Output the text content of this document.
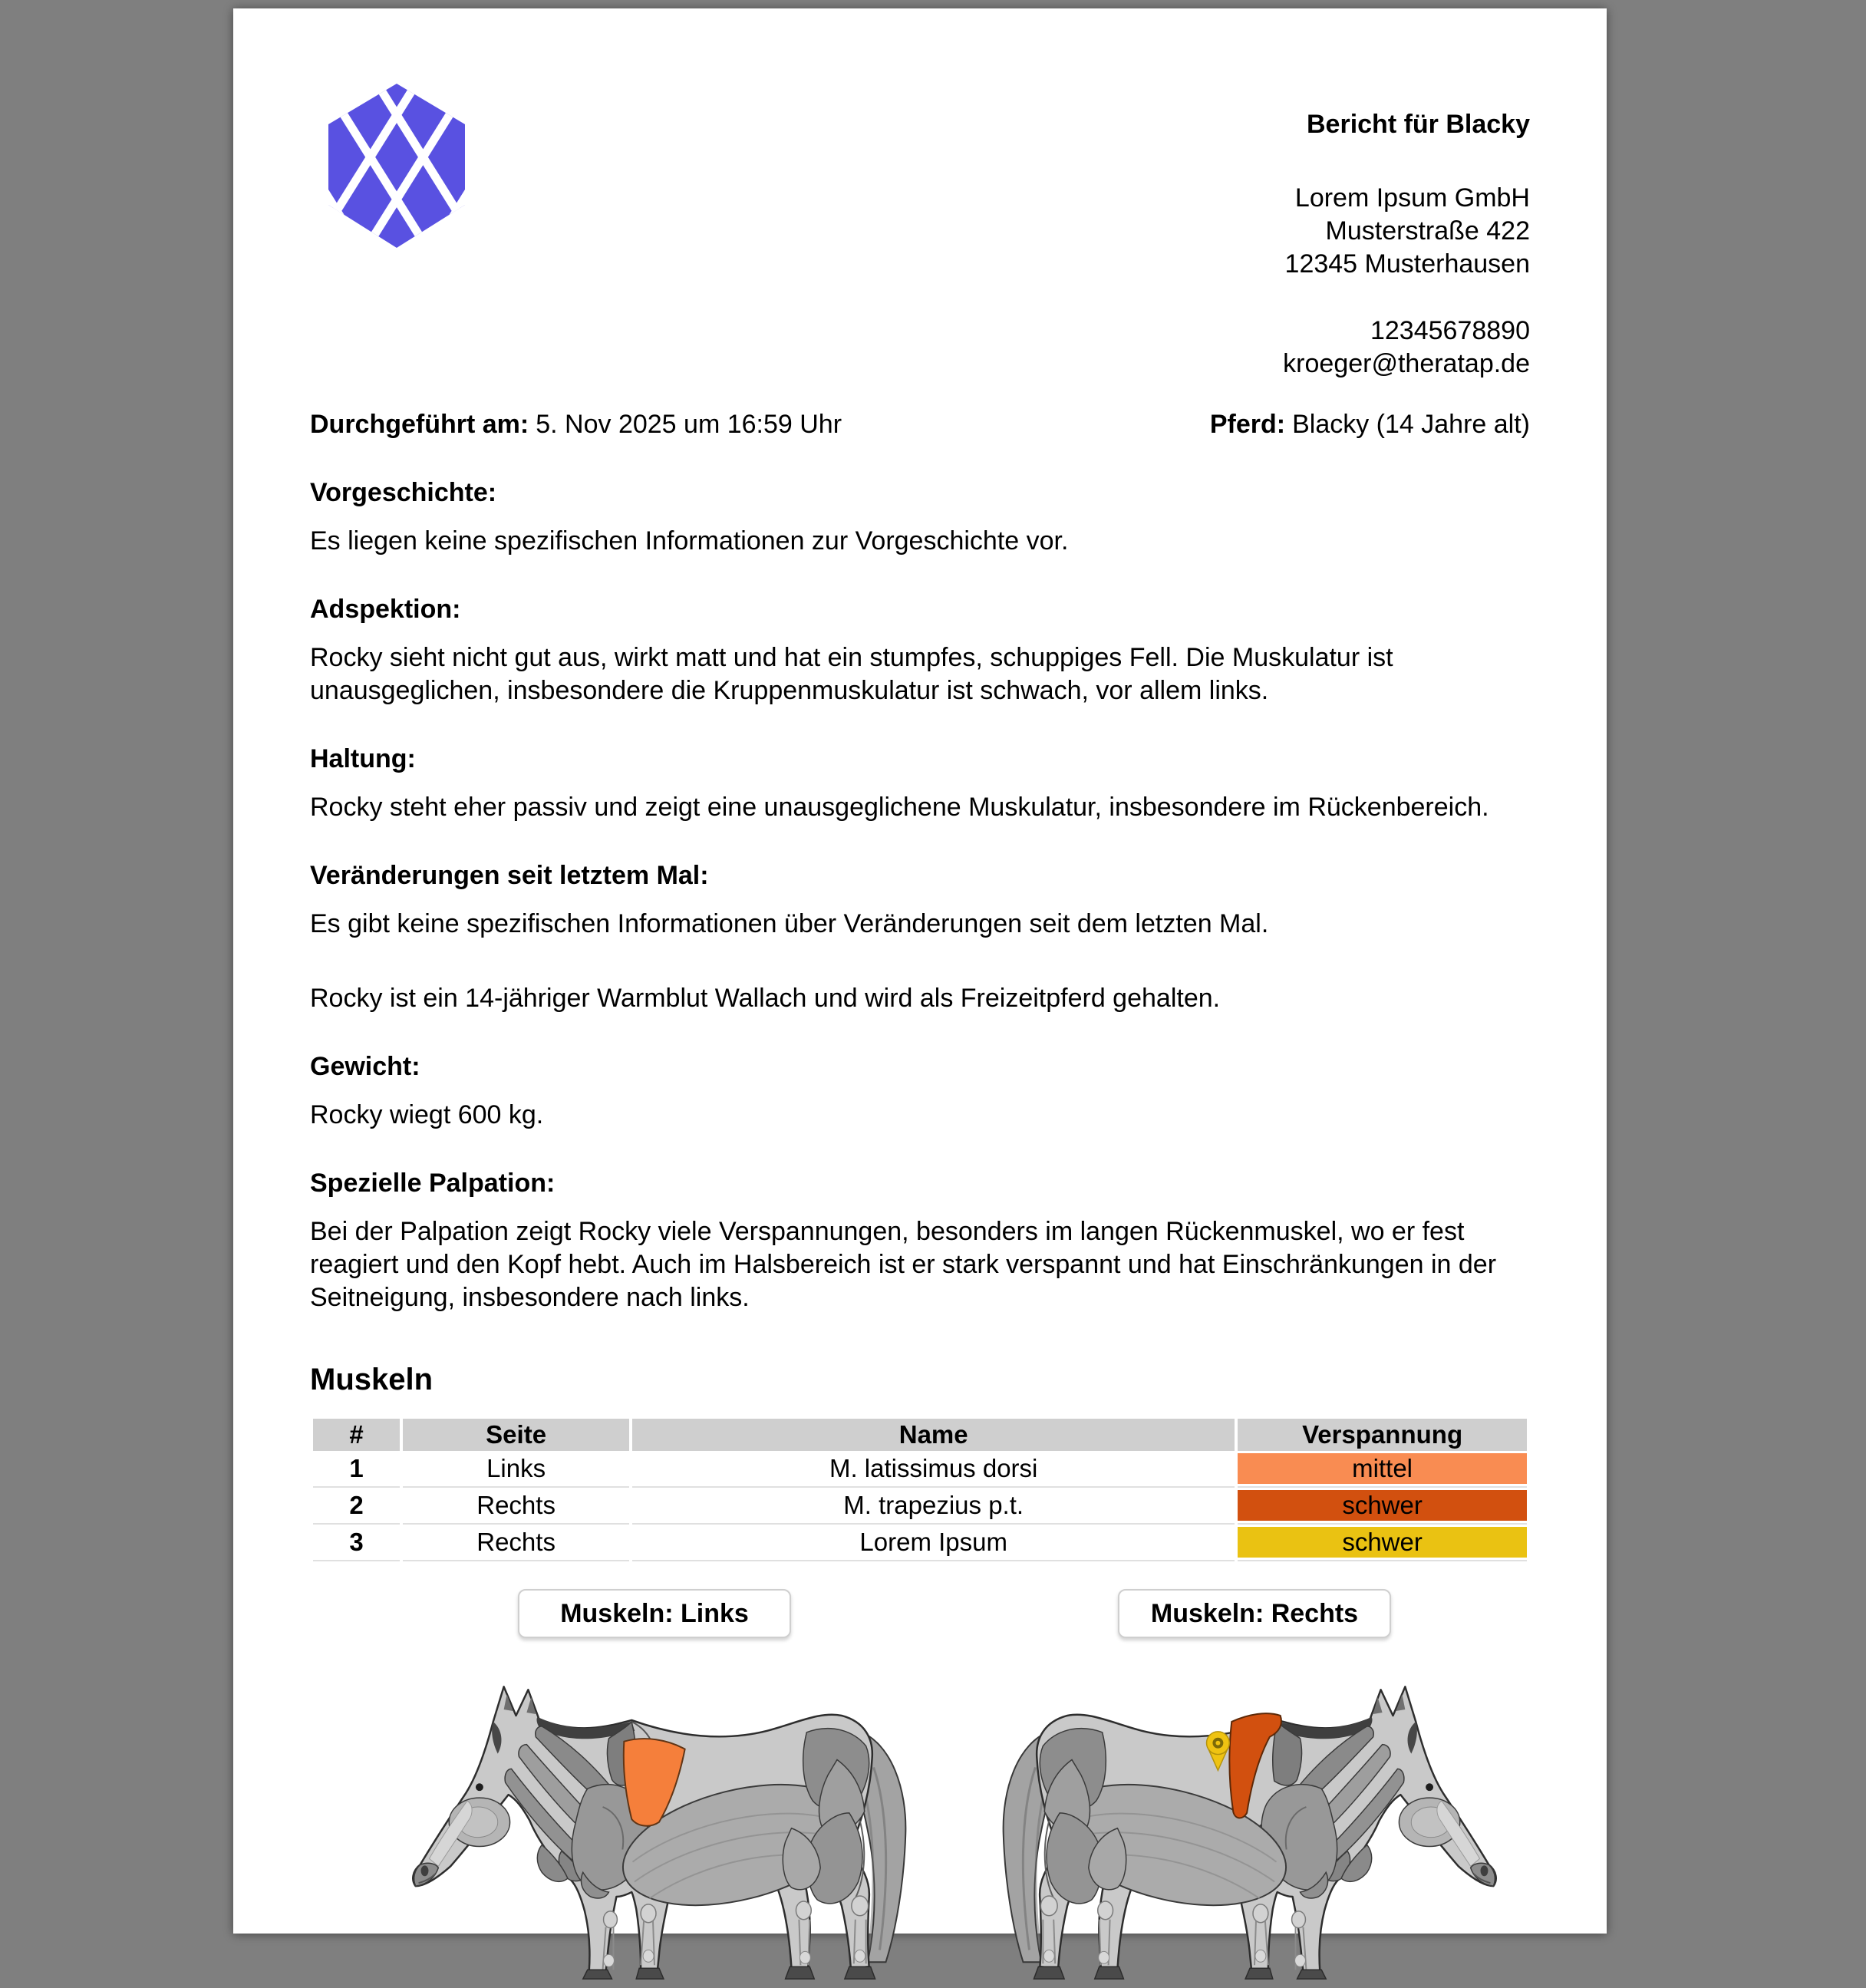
Bericht für Blacky
Lorem Ipsum GmbH
Musterstraße 422
12345 Musterhausen
12345678890
kroeger@theratap.de
Durchgeführt am: 5. Nov 2025 um 16:59 Uhr	Pferd: Blacky (14 Jahre alt)
Vorgeschichte:

Es liegen keine spezifischen Informationen zur Vorgeschichte vor.

Adspektion:

Rocky sieht nicht gut aus, wirkt matt und hat ein stumpfes, schuppiges Fell. Die Muskulatur ist unausgeglichen, insbesondere die Kruppenmuskulatur ist schwach, vor allem links.

Haltung:

Rocky steht eher passiv und zeigt eine unausgeglichene Muskulatur, insbesondere im Rückenbereich.

Veränderungen seit letztem Mal:

Es gibt keine spezifischen Informationen über Veränderungen seit dem letzten Mal.

Rocky ist ein 14-jähriger Warmblut Wallach und wird als Freizeitpferd gehalten.

Gewicht:

Rocky wiegt 600 kg.

Spezielle Palpation:

Bei der Palpation zeigt Rocky viele Verspannungen, besonders im langen Rückenmuskel, wo er fest reagiert und den Kopf hebt. Auch im Halsbereich ist er stark verspannt und hat Einschränkungen in der Seitneigung, insbesondere nach links.

Muskeln
#	Seite	Name	Verspannung
1	Links	M. latissimus dorsi	mittel

2	Rechts	M. trapezius p.t.	schwer

3	Rechts	Lorem Ipsum	schwer
Muskeln: Links	Muskeln: Rechts
